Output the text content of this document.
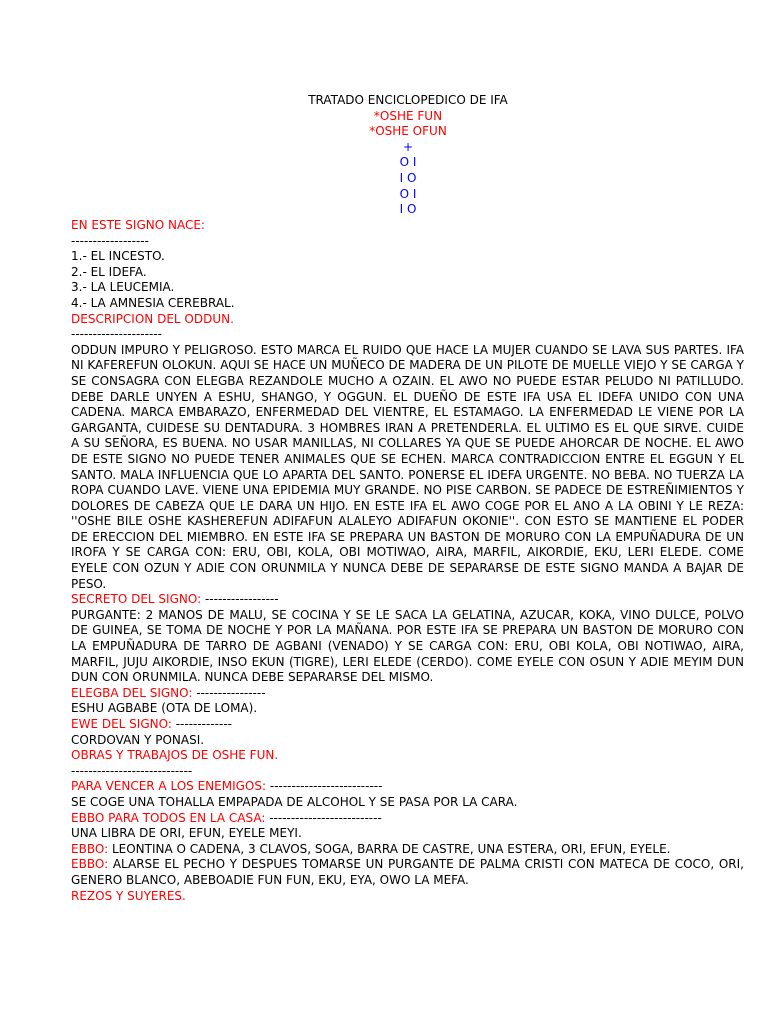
TRATADO ENCICLOPEDICO DE IFA
*OSHE FUN
*OSHE OFUN
+
O I
I O
O I
I O
EN ESTE SIGNO NACE:
------------------
1.- EL INCESTO.
2.- EL IDEFA.
3.- LA LEUCEMIA.
4.- LA AMNESIA CEREBRAL.
DESCRIPCION DEL ODDUN.
---------------------
ODDUN IMPURO Y PELIGROSO. ESTO MARCA EL RUIDO QUE HACE LA MUJER CUANDO SE LAVA SUS PARTES. IFA NI KAFEREFUN OLOKUN. AQUI SE HACE UN MUÑECO DE MADERA DE UN PILOTE DE MUELLE VIEJO Y SE CARGA Y SE CONSAGRA CON ELEGBA REZANDOLE MUCHO A OZAIN. EL AWO NO PUEDE ESTAR PELUDO NI PATILLUDO. DEBE DARLE UNYEN A ESHU, SHANGO, Y OGGUN. EL DUEÑO DE ESTE IFA USA EL IDEFA UNIDO CON UNA CADENA. MARCA EMBARAZO, ENFERMEDAD DEL VIENTRE, EL ESTAMAGO. LA ENFERMEDAD LE VIENE POR LA GARGANTA, CUIDESE SU DENTADURA. 3 HOMBRES IRAN A PRETENDERLA. EL ULTIMO ES EL QUE SIRVE. CUIDE A SU SEÑORA, ES BUENA. NO USAR MANILLAS, NI COLLARES YA QUE SE PUEDE AHORCAR DE NOCHE. EL AWO DE ESTE SIGNO NO PUEDE TENER ANIMALES QUE SE ECHEN. MARCA CONTRADICCION ENTRE EL EGGUN Y EL SANTO. MALA INFLUENCIA QUE LO APARTA DEL SANTO. PONERSE EL IDEFA URGENTE. NO BEBA. NO TUERZA LA ROPA CUANDO LAVE. VIENE UNA EPIDEMIA MUY GRANDE. NO PISE CARBON. SE PADECE DE ESTREÑIMIENTOS Y DOLORES DE CABEZA QUE LE DARA UN HIJO. EN ESTE IFA EL AWO COGE POR EL ANO A LA OBINI Y LE REZA: ''OSHE BILE OSHE KASHEREFUN ADIFAFUN ALALEYO ADIFAFUN OKONIE''. CON ESTO SE MANTIENE EL PODER DE ERECCION DEL MIEMBRO. EN ESTE IFA SE PREPARA UN BASTON DE MORURO CON LA EMPUÑADURA DE UN IROFA Y SE CARGA CON: ERU, OBI, KOLA, OBI MOTIWAO, AIRA, MARFIL, AIKORDIE, EKU, LERI ELEDE. COME EYELE CON OZUN Y ADIE CON ORUNMILA Y NUNCA DEBE DE SEPARARSE DE ESTE SIGNO MANDA A BAJAR DE PESO.
SECRETO DEL SIGNO: -----------------
PURGANTE: 2 MANOS DE MALU, SE COCINA Y SE LE SACA LA GELATINA, AZUCAR, KOKA, VINO DULCE, POLVO DE GUINEA, SE TOMA DE NOCHE Y POR LA MAÑANA. POR ESTE IFA SE PREPARA UN BASTON DE MORURO CON LA EMPUÑADURA DE TARRO DE AGBANI (VENADO) Y SE CARGA CON: ERU, OBI KOLA, OBI NOTIWAO, AIRA, MARFIL, JUJU AIKORDIE, INSO EKUN (TIGRE), LERI ELEDE (CERDO). COME EYELE CON OSUN Y ADIE MEYIM DUN DUN CON ORUNMILA. NUNCA DEBE SEPARARSE DEL MISMO.
ELEGBA DEL SIGNO: ----------------
ESHU AGBABE (OTA DE LOMA).
EWE DEL SIGNO: -------------
CORDOVAN Y PONASI.
OBRAS Y TRABAJOS DE OSHE FUN.
----------------------------
PARA VENCER A LOS ENEMIGOS: --------------------------
SE COGE UNA TOHALLA EMPAPADA DE ALCOHOL Y SE PASA POR LA CARA.
EBBO PARA TODOS EN LA CASA: --------------------------
UNA LIBRA DE ORI, EFUN, EYELE MEYI.
EBBO: LEONTINA O CADENA, 3 CLAVOS, SOGA, BARRA DE CASTRE, UNA ESTERA, ORI, EFUN, EYELE.
EBBO: ALARSE EL PECHO Y DESPUES TOMARSE UN PURGANTE DE PALMA CRISTI CON MATECA DE COCO, ORI, GENERO BLANCO, ABEBOADIE FUN FUN, EKU, EYA, OWO LA MEFA.
REZOS Y SUYERES.
